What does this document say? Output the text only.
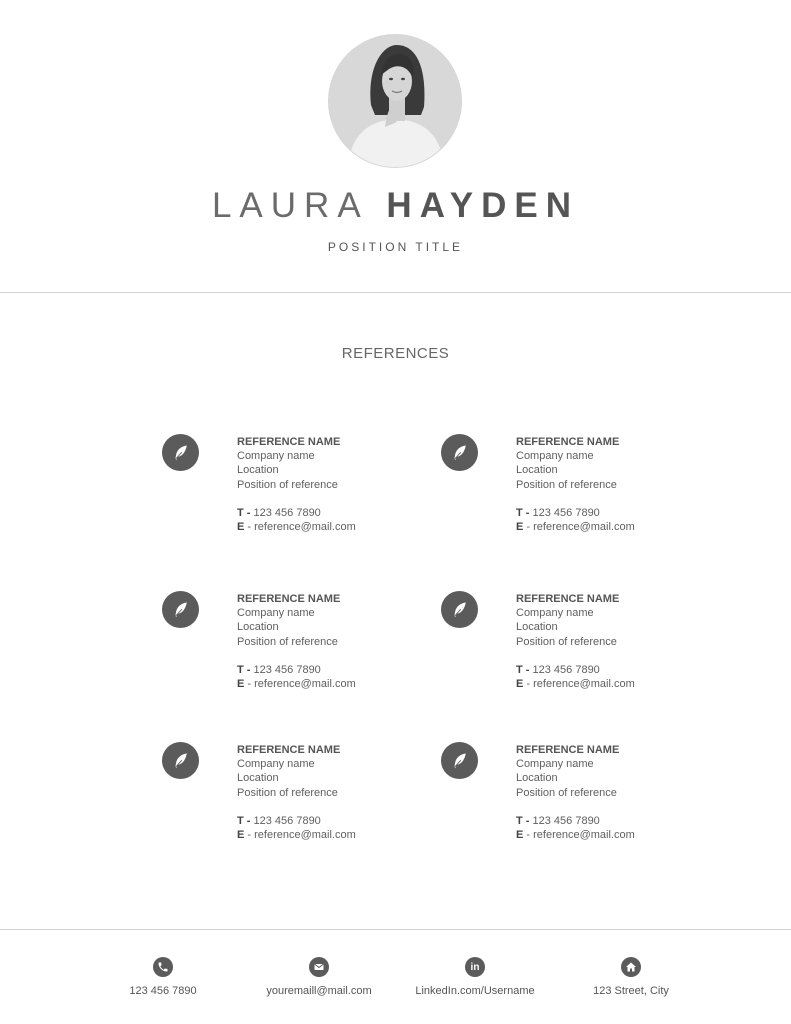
LAURA HAYDEN
POSITION TITLE
REFERENCES
REFERENCE NAME
Company name
Location
Position of reference
T - 123 456 7890
E - reference@mail.com
REFERENCE NAME
Company name
Location
Position of reference
T - 123 456 7890
E - reference@mail.com
REFERENCE NAME
Company name
Location
Position of reference
T - 123 456 7890
E - reference@mail.com
REFERENCE NAME
Company name
Location
Position of reference
T - 123 456 7890
E - reference@mail.com
REFERENCE NAME
Company name
Location
Position of reference
T - 123 456 7890
E - reference@mail.com
REFERENCE NAME
Company name
Location
Position of reference
T - 123 456 7890
E - reference@mail.com
123 456 7890	youremaill@mail.com
in
LinkedIn.com/Username	123 Street, City
